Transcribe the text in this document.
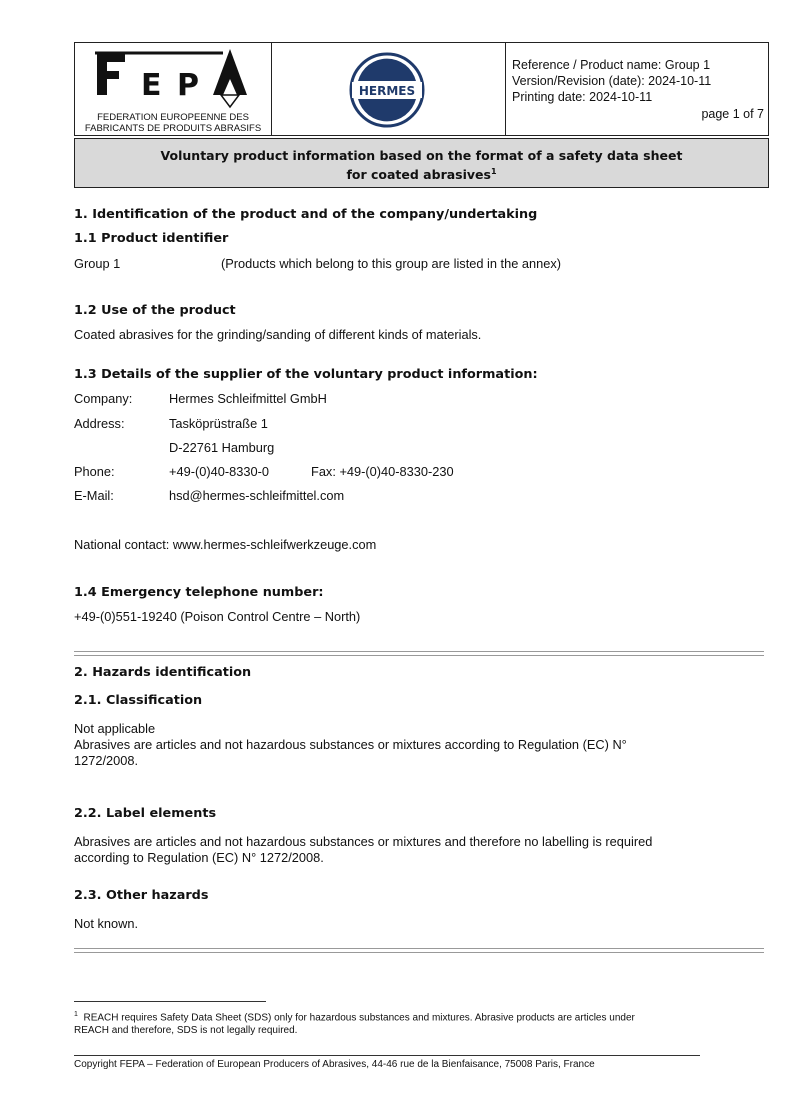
E P
FEPA
FEDERATION EUROPEENNE DES
FABRICANTS DE PRODUITS ABRASIFS
HERMES
Reference / Product name: Group 1
Version/Revision (date): 2024-10-11
Printing date: 2024-10-11
page 1 of 7
Voluntary product information based on the format of a safety data sheet
for coated abrasives$^1$
1. Identification of the product and of the company/undertaking
1.1 Product identifier
Group 1	(Products which belong to this group are listed in the annex)
1.2 Use of the product
Coated abrasives for the grinding/sanding of different kinds of materials.
1.3 Details of the supplier of the voluntary product information:
Company:	Hermes Schleifmittel GmbH
Address:	Tasköprüstraße 1
D-22761 Hamburg
Phone:	+49-(0)40-8330-0	Fax: +49-(0)40-8330-230
E-Mail:	hsd@hermes-schleifmittel.com
National contact: www.hermes-schleifwerkzeuge.com
1.4 Emergency telephone number:
+49-(0)551-19240 (Poison Control Centre – North)
2. Hazards identification
2.1. Classification
Not applicable
Abrasives are articles and not hazardous substances or mixtures according to Regulation (EC) N°
1272/2008.
2.2. Label elements
Abrasives are articles and not hazardous substances or mixtures and therefore no labelling is required
according to Regulation (EC) N° 1272/2008.
2.3. Other hazards
Not known.
$^1$ REACH requires Safety Data Sheet (SDS) only for hazardous substances and mixtures. Abrasive products are articles under
REACH and therefore, SDS is not legally required.
Copyright FEPA – Federation of European Producers of Abrasives, 44-46 rue de la Bienfaisance, 75008 Paris, France
